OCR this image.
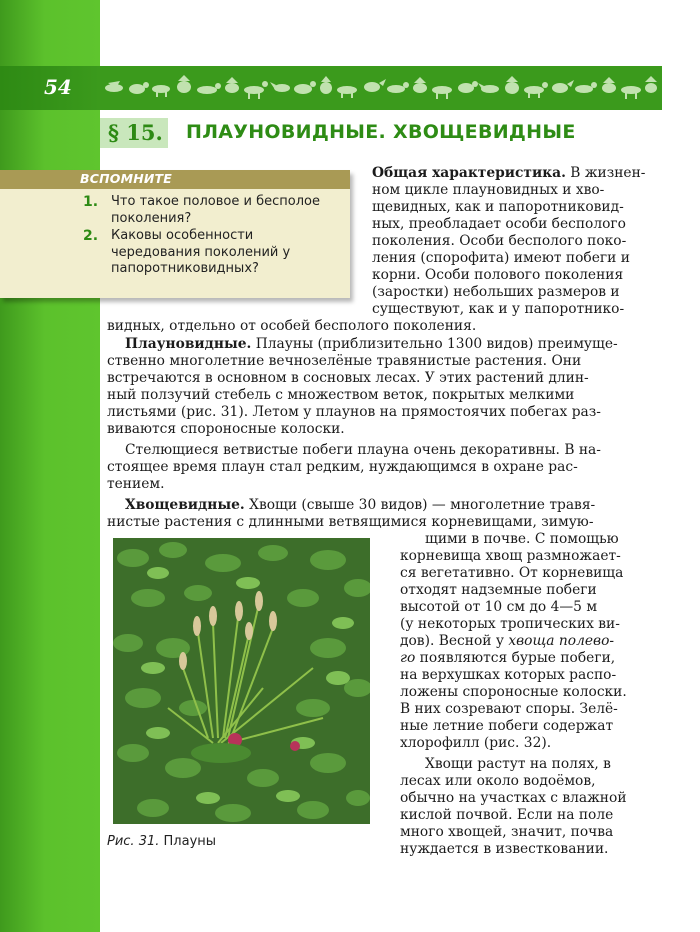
54
§ 15. ПЛАУНОВИДНЫЕ. ХВОЩЕВИДНЫЕ
ВСПОМНИТЕ
1. Что такое половое и бесполое поколения?
2. Каковы особенности чередования поколений у папоротниковидных?
Общая характеристика. В жизнен-
ном цикле плауновидных и хво-
щевидных, как и папоротниковид-
ных, преобладает особи бесполого
поколения. Особи бесполого поко-
ления (спорофита) имеют побеги и
корни. Особи полового поколения
(заростки) небольших размеров и
существуют, как и у папоротнико-
видных, отдельно от особей бесполого поколения.
Плауновидные. Плауны (приблизительно 1300 видов) преимуще-
ственно многолетние вечнозелёные травянистые растения. Они
встречаются в основном в сосновых лесах. У этих растений длин-
ный ползучий стебель с множеством веток, покрытых мелкими
листьями (рис. 31). Летом у плаунов на прямостоячих побегах раз-
виваются спороносные колоски.
Стелющиеся ветвистые побеги плауна очень декоративны. В на-
стоящее время плаун стал редким, нуждающимся в охране рас-
тением.
Хвощевидные. Хвощи (свыше 30 видов) — многолетние травя-
нистые растения с длинными ветвящимися корневищами, зимую-
щими в почве. С помощью
корневища хвощ размножает-
ся вегетативно. От корневища
отходят надземные побеги
высотой от 10 см до 4—5 м
(у некоторых тропических ви-
дов). Весной у хвоща полево-
го появляются бурые побеги,
на верхушках которых распо-
ложены спороносные колоски.
В них созревают споры. Зелё-
ные летние побеги содержат
хлорофилл (рис. 32).
Хвощи растут на полях, в
лесах или около водоёмов,
обычно на участках с влажной
кислой почвой. Если на поле
много хвощей, значит, почва
нуждается в известковании.
Рис. 31. Плауны
